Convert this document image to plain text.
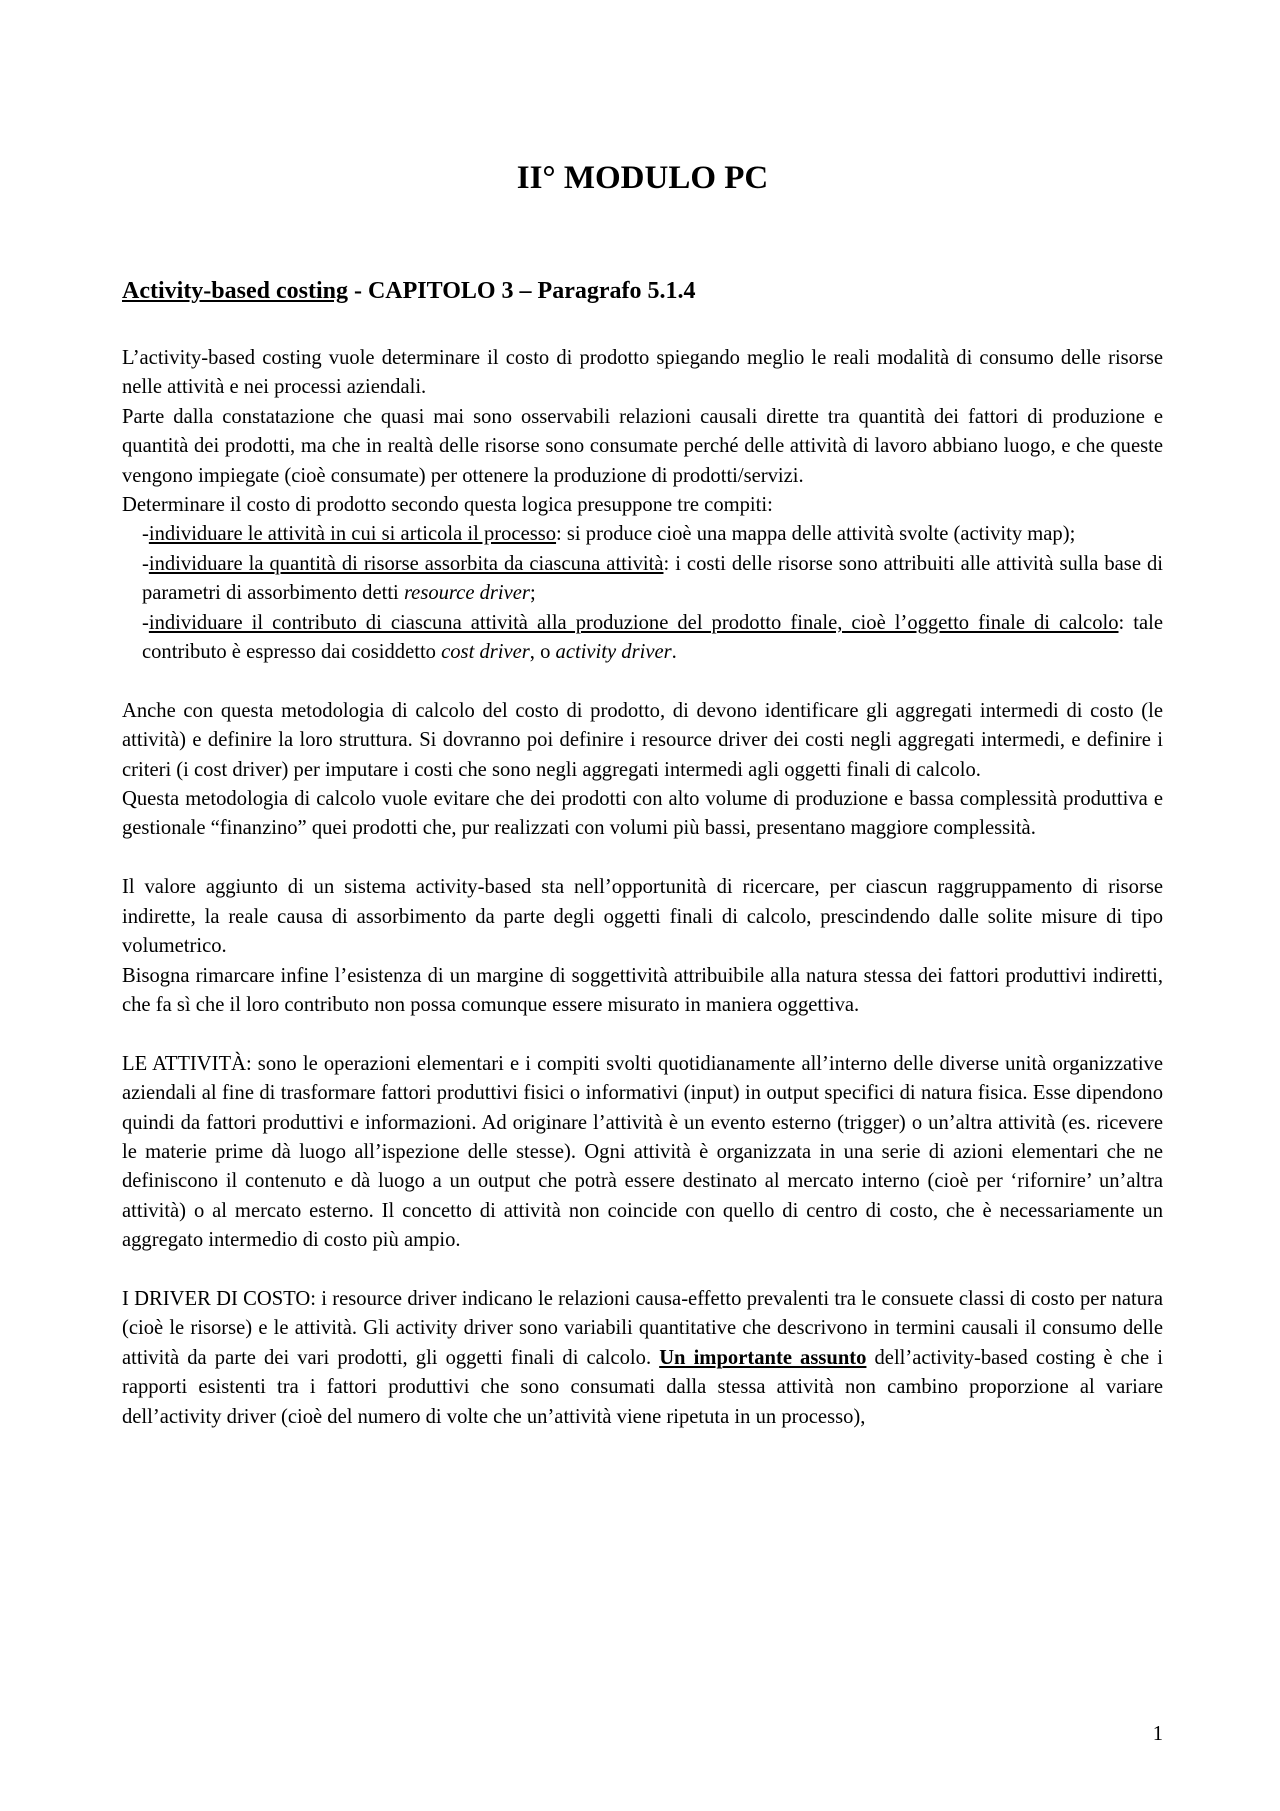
II° MODULO PC
Activity-based costing - CAPITOLO 3 – Paragrafo 5.1.4

L’activity-based costing vuole determinare il costo di prodotto spiegando meglio le reali modalità di consumo delle risorse nelle attività e nei processi aziendali.

Parte dalla constatazione che quasi mai sono osservabili relazioni causali dirette tra quantità dei fattori di produzione e quantità dei prodotti, ma che in realtà delle risorse sono consumate perché delle attività di lavoro abbiano luogo, e che queste vengono impiegate (cioè consumate) per ottenere la produzione di prodotti/servizi.

Determinare il costo di prodotto secondo questa logica presuppone tre compiti:

-individuare le attività in cui si articola il processo: si produce cioè una mappa delle attività svolte (activity map);

-individuare la quantità di risorse assorbita da ciascuna attività: i costi delle risorse sono attribuiti alle attività sulla base di parametri di assorbimento detti resource driver;

-individuare il contributo di ciascuna attività alla produzione del prodotto finale, cioè l’oggetto finale di calcolo: tale contributo è espresso dai cosiddetto cost driver, o activity driver.

Anche con questa metodologia di calcolo del costo di prodotto, di devono identificare gli aggregati intermedi di costo (le attività) e definire la loro struttura. Si dovranno poi definire i resource driver dei costi negli aggregati intermedi, e definire i criteri (i cost driver) per imputare i costi che sono negli aggregati intermedi agli oggetti finali di calcolo.

Questa metodologia di calcolo vuole evitare che dei prodotti con alto volume di produzione e bassa complessità produttiva e gestionale “finanzino” quei prodotti che, pur realizzati con volumi più bassi, presentano maggiore complessità.

Il valore aggiunto di un sistema activity-based sta nell’opportunità di ricercare, per ciascun raggruppamento di risorse indirette, la reale causa di assorbimento da parte degli oggetti finali di calcolo, prescindendo dalle solite misure di tipo volumetrico.

Bisogna rimarcare infine l’esistenza di un margine di soggettività attribuibile alla natura stessa dei fattori produttivi indiretti, che fa sì che il loro contributo non possa comunque essere misurato in maniera oggettiva.

LE ATTIVITÀ: sono le operazioni elementari e i compiti svolti quotidianamente all’interno delle diverse unità organizzative aziendali al fine di trasformare fattori produttivi fisici o informativi (input) in output specifici di natura fisica. Esse dipendono quindi da fattori produttivi e informazioni. Ad originare l’attività è un evento esterno (trigger) o un’altra attività (es. ricevere le materie prime dà luogo all’ispezione delle stesse). Ogni attività è organizzata in una serie di azioni elementari che ne definiscono il contenuto e dà luogo a un output che potrà essere destinato al mercato interno (cioè per ‘rifornire’ un’altra attività) o al mercato esterno. Il concetto di attività non coincide con quello di centro di costo, che è necessariamente un aggregato intermedio di costo più ampio.

I DRIVER DI COSTO: i resource driver indicano le relazioni causa-effetto prevalenti tra le consuete classi di costo per natura (cioè le risorse) e le attività. Gli activity driver sono variabili quantitative che descrivono in termini causali il consumo delle attività da parte dei vari prodotti, gli oggetti finali di calcolo. Un importante assunto dell’activity-based costing è che i rapporti esistenti tra i fattori produttivi che sono consumati dalla stessa attività non cambino proporzione al variare dell’activity driver (cioè del numero di volte che un’attività viene ripetuta in un processo),

1
